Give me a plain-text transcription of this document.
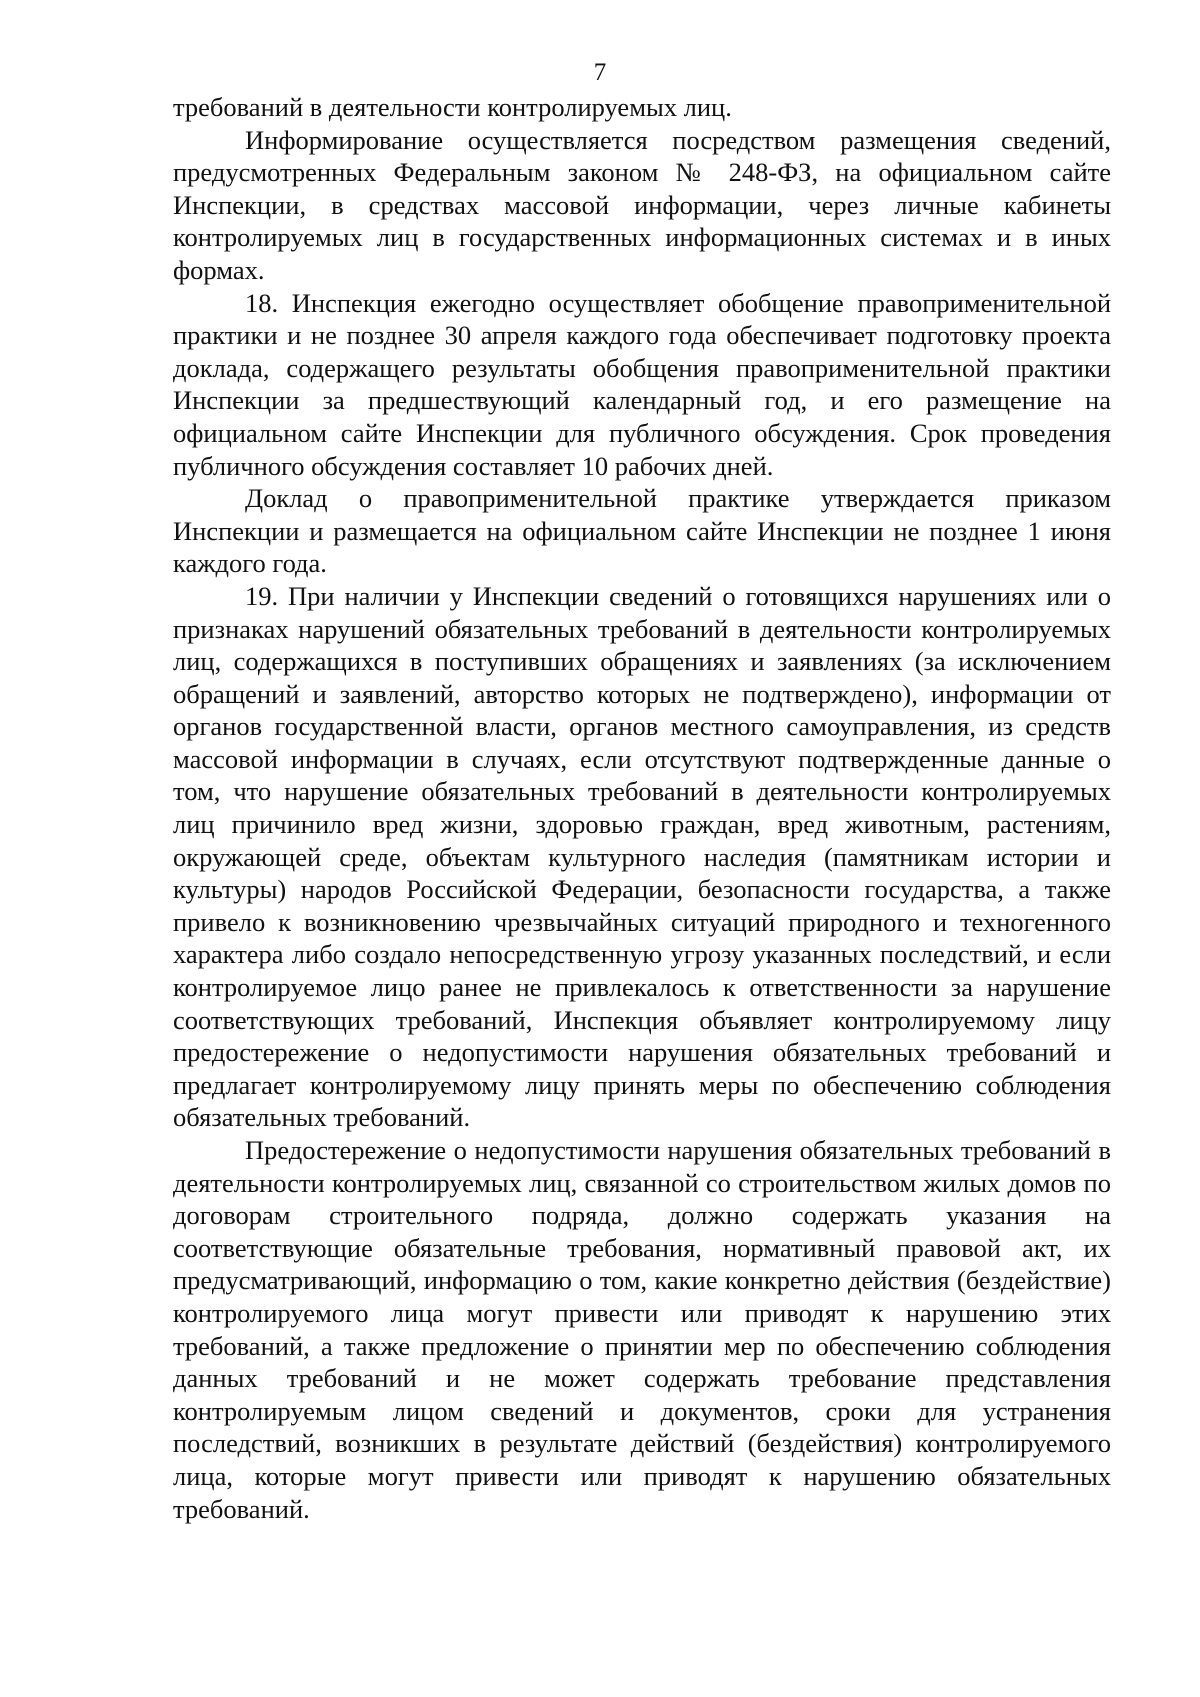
7

требований в деятельности контролируемых лиц.

Информирование осуществляется посредством размещения сведений, предусмотренных Федеральным законом № 248-ФЗ, на официальном сайте Инспекции, в средствах массовой информации, через личные кабинеты контролируемых лиц в государственных информационных системах и в иных формах.

18. Инспекция ежегодно осуществляет обобщение правоприменительной практики и не позднее 30 апреля каждого года обеспечивает подготовку проекта доклада, содержащего результаты обобщения правоприменительной практики Инспекции за предшествующий календарный год, и его размещение на официальном сайте Инспекции для публичного обсуждения. Срок проведения публичного обсуждения составляет 10 рабочих дней.

Доклад о правоприменительной практике утверждается приказом Инспекции и размещается на официальном сайте Инспекции не позднее 1 июня каждого года.

19. При наличии у Инспекции сведений о готовящихся нарушениях или о признаках нарушений обязательных требований в деятельности контролируемых лиц, содержащихся в поступивших обращениях и заявлениях (за исключением обращений и заявлений, авторство которых не подтверждено), информации от органов государственной власти, органов местного самоуправления, из средств массовой информации в случаях, если отсутствуют подтвержденные данные о том, что нарушение обязательных требований в деятельности контролируемых лиц причинило вред жизни, здоровью граждан, вред животным, растениям, окружающей среде, объектам культурного наследия (памятникам истории и культуры) народов Российской Федерации, безопасности государства, а также привело к возникновению чрезвычайных ситуаций природного и техногенного характера либо создало непосредственную угрозу указанных последствий, и если контролируемое лицо ранее не привлекалось к ответственности за нарушение соответствующих требований, Инспекция объявляет контролируемому лицу предостережение о недопустимости нарушения обязательных требований и предлагает контролируемому лицу принять меры по обеспечению соблюдения обязательных требований.

Предостережение о недопустимости нарушения обязательных требований в деятельности контролируемых лиц, связанной со строительством жилых домов по договорам строительного подряда, должно содержать указания на соответствующие обязательные требования, нормативный правовой акт, их предусматривающий, информацию о том, какие конкретно действия (бездействие) контролируемого лица могут привести или приводят к нарушению этих требований, а также предложение о принятии мер по обеспечению соблюдения данных требований и не может содержать требование представления контролируемым лицом сведений и документов, сроки для устранения последствий, возникших в результате действий (бездействия) контролируемого лица, которые могут привести или приводят к нарушению обязательных требований.
